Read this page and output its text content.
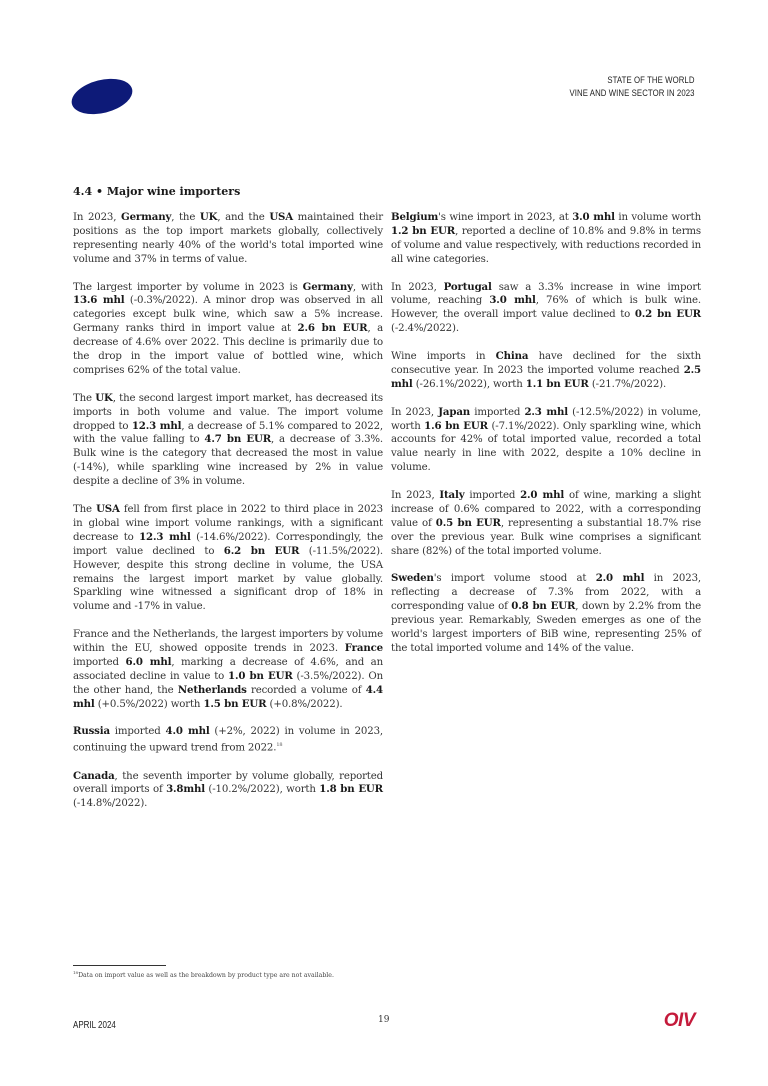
STATE OF THE WORLD
VINE AND WINE SECTOR IN 2023
4.4 • Major wine importers

In 2023, Germany, the UK, and the USA maintained their positions as the top import markets globally, collectively representing nearly 40% of the world's total imported wine volume and 37% in terms of value.

The largest importer by volume in 2023 is Germany, with 13.6 mhl (-0.3%/2022). A minor drop was observed in all categories except bulk wine, which saw a 5% increase. Germany ranks third in import value at 2.6 bn EUR, a decrease of 4.6% over 2022. This decline is primarily due to the drop in the import value of bottled wine, which comprises 62% of the total value.

The UK, the second largest import market, has decreased its imports in both volume and value. The import volume dropped to 12.3 mhl, a decrease of 5.1% compared to 2022, with the value falling to 4.7 bn EUR, a decrease of 3.3%. Bulk wine is the category that decreased the most in value (-14%), while sparkling wine increased by 2% in value despite a decline of 3% in volume.

The USA fell from first place in 2022 to third place in 2023 in global wine import volume rankings, with a significant decrease to 12.3 mhl (-14.6%/2022). Correspondingly, the import value declined to 6.2 bn EUR (-11.5%/2022). However, despite this strong decline in volume, the USA remains the largest import market by value globally. Sparkling wine witnessed a significant drop of 18% in volume and -17% in value.

France and the Netherlands, the largest importers by volume within the EU, showed opposite trends in 2023. France imported 6.0 mhl, marking a decrease of 4.6%, and an associated decline in value to 1.0 bn EUR (-3.5%/2022). On the other hand, the Netherlands recorded a volume of 4.4 mhl (+0.5%/2022) worth 1.5 bn EUR (+0.8%/2022).

Russia imported 4.0 mhl (+2%, 2022) in volume in 2023, continuing the upward trend from 2022.18

Canada, the seventh importer by volume globally, reported overall imports of 3.8mhl (-10.2%/2022), worth 1.8 bn EUR (-14.8%/2022).

Belgium's wine import in 2023, at 3.0 mhl in volume worth 1.2 bn EUR, reported a decline of 10.8% and 9.8% in terms of volume and value respectively, with reductions recorded in all wine categories.

In 2023, Portugal saw a 3.3% increase in wine import volume, reaching 3.0 mhl, 76% of which is bulk wine. However, the overall import value declined to 0.2 bn EUR (-2.4%/2022).

Wine imports in China have declined for the sixth consecutive year. In 2023 the imported volume reached 2.5 mhl (-26.1%/2022), worth 1.1 bn EUR (-21.7%/2022).

In 2023, Japan imported 2.3 mhl (-12.5%/2022) in volume, worth 1.6 bn EUR (-7.1%/2022). Only sparkling wine, which accounts for 42% of total imported value, recorded a total value nearly in line with 2022, despite a 10% decline in volume.

In 2023, Italy imported 2.0 mhl of wine, marking a slight increase of 0.6% compared to 2022, with a corresponding value of 0.5 bn EUR, representing a substantial 18.7% rise over the previous year. Bulk wine comprises a significant share (82%) of the total imported volume.

Sweden's import volume stood at 2.0 mhl in 2023, reflecting a decrease of 7.3% from 2022, with a corresponding value of 0.8 bn EUR, down by 2.2% from the previous year. Remarkably, Sweden emerges as one of the world's largest importers of BiB wine, representing 25% of the total imported volume and 14% of the value.

$^{18}$Data on import value as well as the breakdown by product type are not available.
APRIL 2024	19	OIV
